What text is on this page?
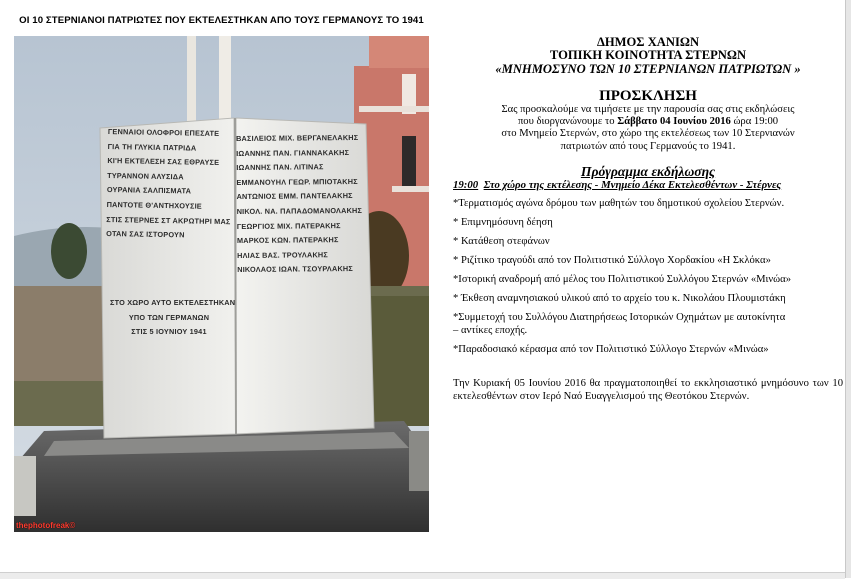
ΟΙ 10 ΣΤΕΡΝΙΑΝΟΙ ΠΑΤΡΙΩΤΕΣ ΠΟΥ ΕΚΤΕΛΕΣΤΗΚΑΝ ΑΠΟ ΤΟΥΣ ΓΕΡΜΑΝΟΥΣ ΤΟ 1941
thephotofreak©
ΓΕΝΝΑΙΟΙ ΟΛΟΦΡΟΙ ΕΠΕΣΑΤΕ
ΓΙΑ ΤΗ ΓΛΥΚΙΑ ΠΑΤΡΙΔΑ
ΚΙ'Η ΕΚΤΕΛΕΣΗ ΣΑΣ ΕΘΡΑΥΣΕ
ΤΥΡΑΝΝΟΝ ΑΛΥΣΙΔΑ
ΟΥΡΑΝΙΑ ΣΑΛΠΙΣΜΑΤΑ
ΠΑΝΤΟΤΕ Θ'ΑΝΤΗΧΟΥΣΙΕ
ΣΤΙΣ ΣΤΕΡΝΕΣ ΣΤ ΑΚΡΩΤΗΡΙ ΜΑΣ
ΟΤΑΝ ΣΑΣ ΙΣΤΟΡΟΥΝ
ΣΤΟ ΧΩΡΟ ΑΥΤΟ ΕΚΤΕΛΕΣΤΗΚΑΝ
ΥΠΟ ΤΩΝ ΓΕΡΜΑΝΩΝ
ΣΤΙΣ 5 ΙΟΥΝΙΟΥ 1941
ΒΑΣΙΛΕΙΟΣ ΜΙΧ. ΒΕΡΓΑΝΕΛΑΚΗΣ
ΙΩΑΝΝΗΣ ΠΑΝ. ΓΙΑΝΝΑΚΑΚΗΣ
ΙΩΑΝΝΗΣ ΠΑΝ. ΛΙΤΙΝΑΣ
ΕΜΜΑΝΟΥΗΛ ΓΕΩΡ. ΜΠΙΟΤΑΚΗΣ
ΑΝΤΩΝΙΟΣ ΕΜΜ. ΠΑΝΤΕΛΑΚΗΣ
ΝΙΚΟΛ. ΝΑ. ΠΑΠΑΔΟΜΑΝΟΛΑΚΗΣ
ΓΕΩΡΓΙΟΣ ΜΙΧ. ΠΑΤΕΡΑΚΗΣ
ΜΑΡΚΟΣ ΚΩΝ. ΠΑΤΕΡΑΚΗΣ
ΗΛΙΑΣ ΒΑΣ. ΤΡΟΥΛΑΚΗΣ
ΝΙΚΟΛΑΟΣ ΙΩΑΝ. ΤΣΟΥΡΛΑΚΗΣ
ΔΗΜΟΣ ΧΑΝΙΩΝ
ΤΟΠΙΚΗ ΚΟΙΝΟΤΗΤΑ ΣΤΕΡΝΩΝ
«ΜΝΗΜΟΣΥΝΟ ΤΩΝ 10 ΣΤΕΡΝΙΑΝΩΝ ΠΑΤΡΙΩΤΩΝ »
ΠΡΟΣΚΛΗΣΗ
Σας προσκαλούμε να τιμήσετε με την παρουσία σας στις εκδηλώσεις
που διοργανώνουμε το Σάββατο 04 Ιουνίου 2016 ώρα 19:00
στο Μνημείο Στερνών, στο χώρο της εκτελέσεως των 10 Στερνιανών
πατριωτών από τους Γερμανούς το 1941.
Πρόγραμμα εκδήλωσης
19:00 Στο χώρο της εκτέλεσης - Μνημείο Δέκα Εκτελεσθέντων - Στέρνες
*Τερματισμός αγώνα δρόμου των μαθητών του δημοτικού σχολείου Στερνών.
* Επιμνημόσυνη δέηση
* Κατάθεση στεφάνων
* Ριζίτικο τραγούδι από τον Πολιτιστικό Σύλλογο Χορδακίου «Η Σκλόκα»
*Ιστορική αναδρομή από μέλος του Πολιτιστικού Συλλόγου Στερνών «Μινώα»
* Έκθεση αναμνησιακού υλικού από το αρχείο του κ. Νικολάου Πλουμιστάκη
*Συμμετοχή του Συλλόγου Διατηρήσεως Ιστορικών Οχημάτων με αυτοκίνητα
– αντίκες εποχής.
*Παραδοσιακό κέρασμα από τον Πολιτιστικό Σύλλογο Στερνών «Μινώα»
Την Κυριακή 05 Ιουνίου 2016 θα πραγματοποιηθεί το εκκλησιαστικό μνημόσυνο των 10 εκτελεσθέντων στον Ιερό Ναό Ευαγγελισμού της Θεοτόκου Στερνών.
